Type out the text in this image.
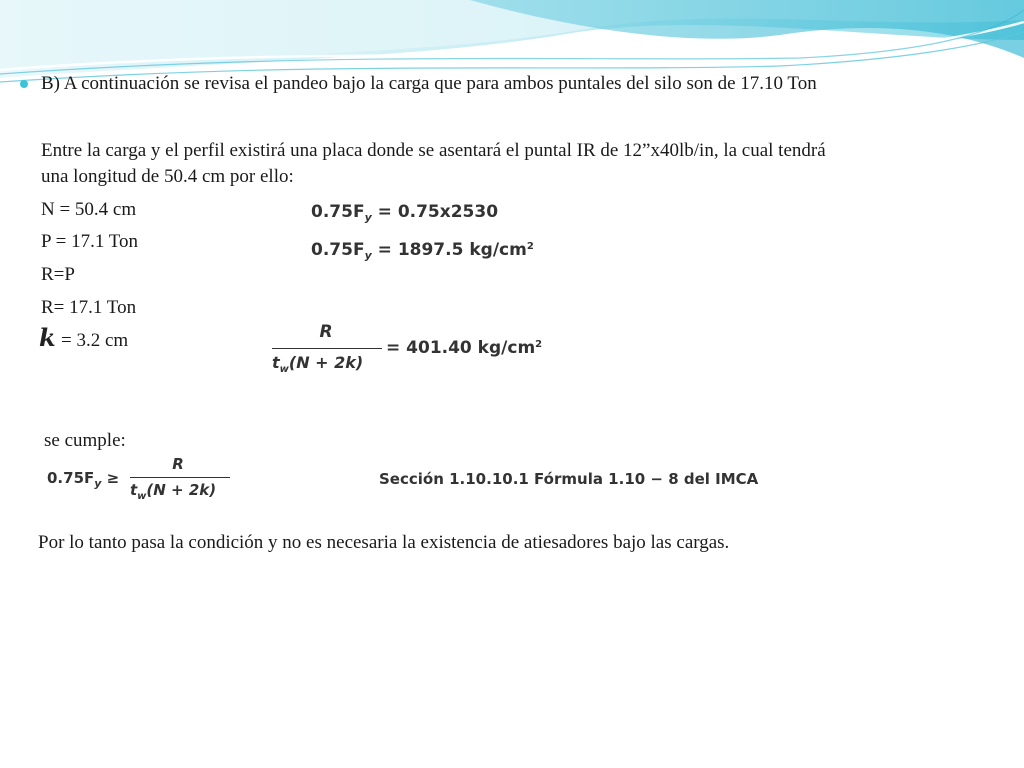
B) A continuación se revisa el pandeo bajo la carga que para ambos puntales del silo son de 17.10 Ton

Entre la carga y el perfil existirá una placa donde se asentará el puntal IR de 12”x40lb/in, la cual tendrá

una longitud de 50.4 cm por ello:

N = 50.4 cm

P = 17.1 Ton

R=P

R= 17.1 Ton

k = 3.2 cm

$0.75F_y = 0.75x2530$
$0.75F_y = 1897.5$ $kg/cm^2$
R
$t_w(N + 2k)$
= 401.40 $kg/cm^2$

se cumple:

$0.75F_y$ ≥
R
$t_w(N + 2k)$
Sección 1.10.10.1 Fórmula 1.10 − 8 del IMCA

Por lo tanto pasa la condición y no es necesaria la existencia de atiesadores bajo las cargas.
